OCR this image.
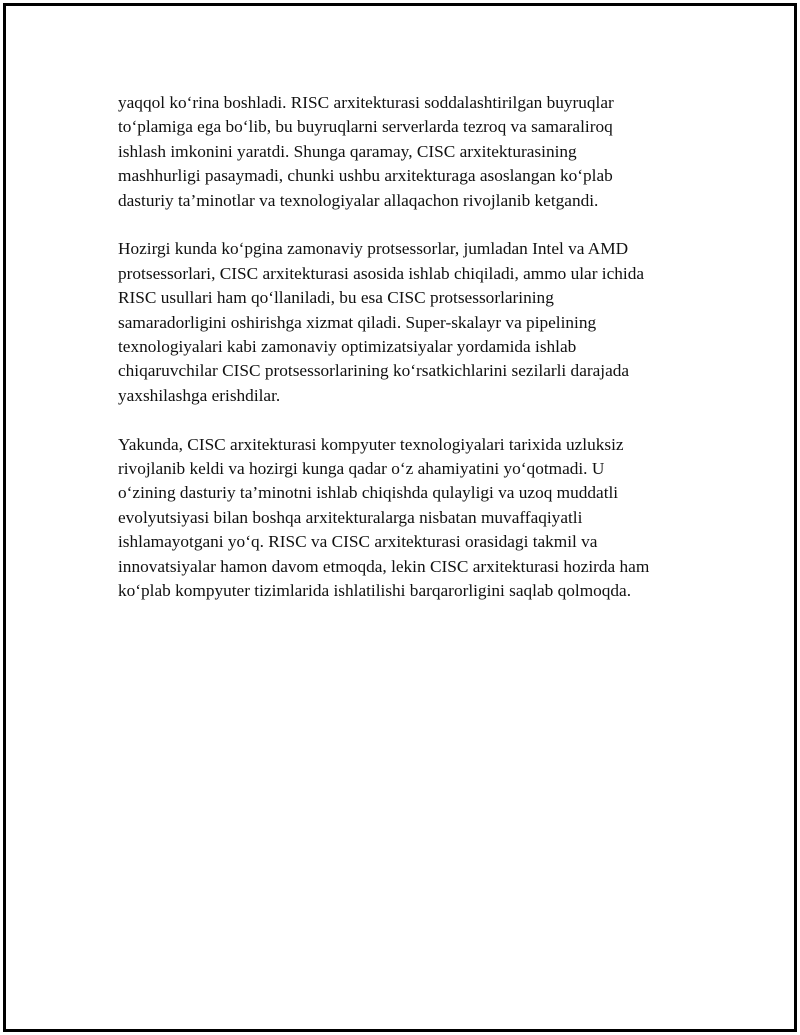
yaqqol ko‘rina boshladi. RISC arxitekturasi soddalashtirilgan buyruqlar
to‘plamiga ega bo‘lib, bu buyruqlarni serverlarda tezroq va samaraliroq
ishlash imkonini yaratdi. Shunga qaramay, CISC arxitekturasining
mashhurligi pasaymadi, chunki ushbu arxitekturaga asoslangan ko‘plab
dasturiy ta’minotlar va texnologiyalar allaqachon rivojlanib ketgandi.

Hozirgi kunda ko‘pgina zamonaviy protsessorlar, jumladan Intel va AMD
protsessorlari, CISC arxitekturasi asosida ishlab chiqiladi, ammo ular ichida
RISC usullari ham qo‘llaniladi, bu esa CISC protsessorlarining
samaradorligini oshirishga xizmat qiladi. Super-skalayr va pipelining
texnologiyalari kabi zamonaviy optimizatsiyalar yordamida ishlab
chiqaruvchilar CISC protsessorlarining ko‘rsatkichlarini sezilarli darajada
yaxshilashga erishdilar.

Yakunda, CISC arxitekturasi kompyuter texnologiyalari tarixida uzluksiz
rivojlanib keldi va hozirgi kunga qadar o‘z ahamiyatini yo‘qotmadi. U
o‘zining dasturiy ta’minotni ishlab chiqishda qulayligi va uzoq muddatli
evolyutsiyasi bilan boshqa arxitekturalarga nisbatan muvaffaqiyatli
ishlamayotgani yo‘q. RISC va CISC arxitekturasi orasidagi takmil va
innovatsiyalar hamon davom etmoqda, lekin CISC arxitekturasi hozirda ham
ko‘plab kompyuter tizimlarida ishlatilishi barqarorligini saqlab qolmoqda.
